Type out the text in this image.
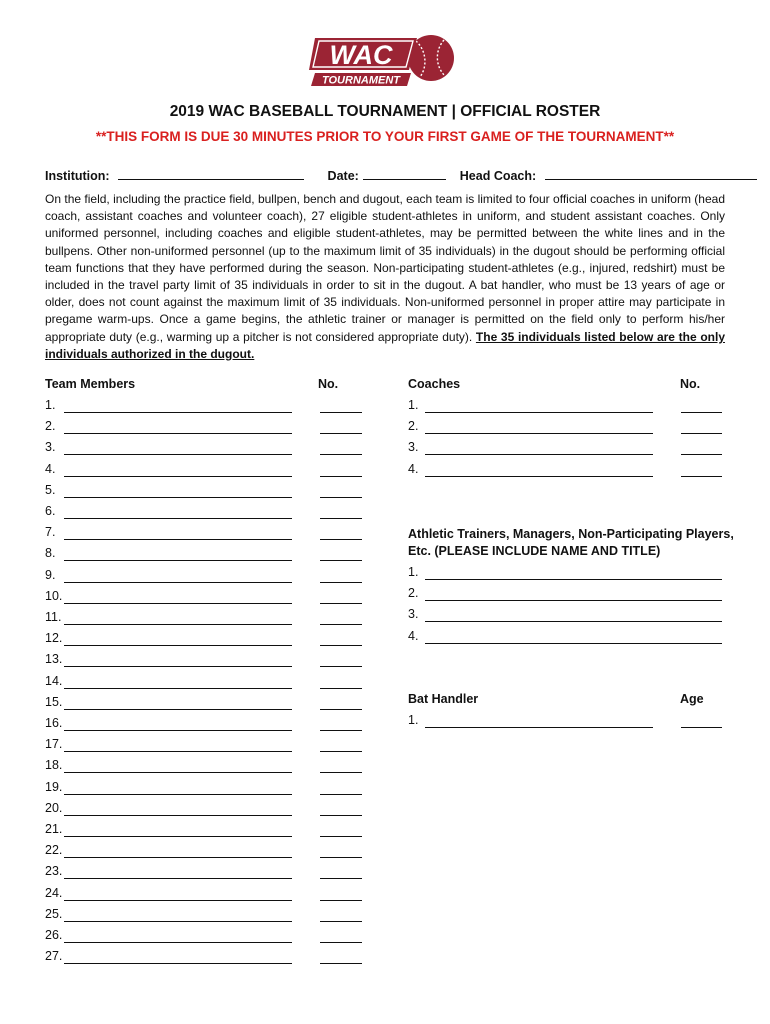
WAC
TOURNAMENT
2019 WAC BASEBALL TOURNAMENT | OFFICIAL ROSTER
**THIS FORM IS DUE 30 MINUTES PRIOR TO YOUR FIRST GAME OF THE TOURNAMENT**
Institution:	Date:	Head Coach:
On the field, including the practice field, bullpen, bench and dugout, each team is limited to four official coaches in uniform (head coach, assistant coaches and volunteer coach), 27 eligible student-athletes in uniform, and student assistant coaches. Only uniformed personnel, including coaches and eligible student-athletes, may be permitted between the white lines and in the bullpens. Other non-uniformed personnel (up to the maximum limit of 35 individuals) in the dugout should be performing official team functions that they have performed during the season. Non-participating student-athletes (e.g., injured, redshirt) must be included in the travel party limit of 35 individuals in order to sit in the dugout. A bat handler, who must be 13 years of age or older, does not count against the maximum limit of 35 individuals. Non-uniformed personnel in proper attire may participate in pregame warm-ups. Once a game begins, the athletic trainer or manager is permitted on the field only to perform his/her appropriate duty (e.g., warming up a pitcher is not considered appropriate duty). The 35 individuals listed below are the only individuals authorized in the dugout.
Team Members	No.
1.
2.
3.
4.
5.
6.
7.
8.
9.
10.
11.
12.
13.
14.
15.
16.
17.
18.
19.
20.
21.
22.
23.
24.
25.
26.
27.
Coaches	No.
1.
2.
3.
4.
Athletic Trainers, Managers, Non-Participating Players, Etc. (PLEASE INCLUDE NAME AND TITLE)
1.
2.
3.
4.
Bat Handler	Age
1.
